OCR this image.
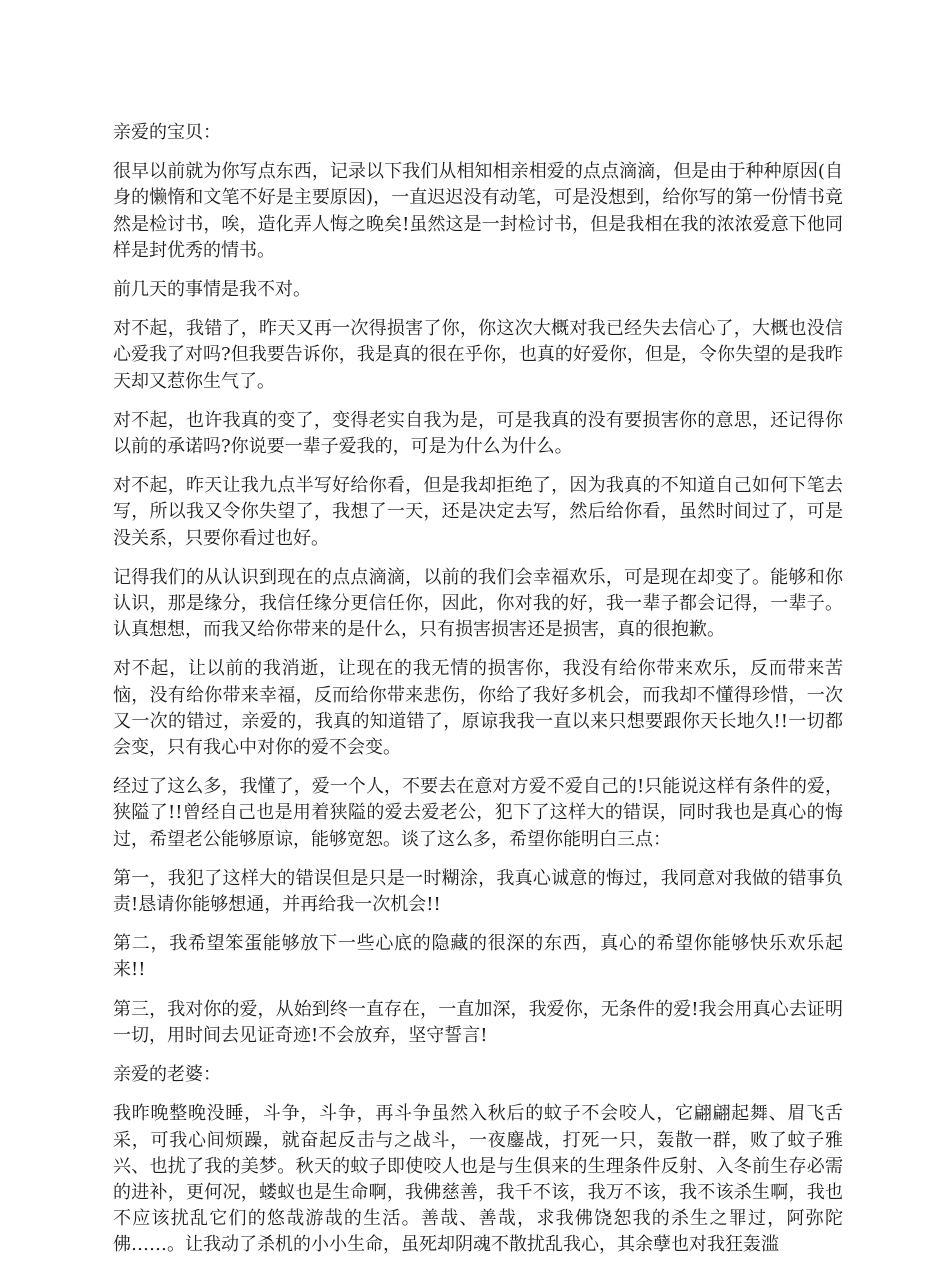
亲爱的宝贝：

很早以前就为你写点东西，记录以下我们从相知相亲相爱的点点滴滴，但是由于种种原因(自身的懒惰和文笔不好是主要原因)，一直迟迟没有动笔，可是没想到，给你写的第一份情书竟然是检讨书，唉，造化弄人悔之晚矣!虽然这是一封检讨书，但是我相在我的浓浓爱意下他同样是封优秀的情书。

前几天的事情是我不对。

对不起，我错了，昨天又再一次得损害了你，你这次大概对我已经失去信心了，大概也没信心爱我了对吗?但我要告诉你，我是真的很在乎你，也真的好爱你，但是，令你失望的是我昨天却又惹你生气了。

对不起，也许我真的变了，变得老实自我为是，可是我真的没有要损害你的意思，还记得你以前的承诺吗?你说要一辈子爱我的，可是为什么为什么。

对不起，昨天让我九点半写好给你看，但是我却拒绝了，因为我真的不知道自己如何下笔去写，所以我又令你失望了，我想了一天，还是决定去写，然后给你看，虽然时间过了，可是没关系，只要你看过也好。

记得我们的从认识到现在的点点滴滴，以前的我们会幸福欢乐，可是现在却变了。能够和你认识，那是缘分，我信任缘分更信任你，因此，你对我的好，我一辈子都会记得，一辈子。认真想想，而我又给你带来的是什么，只有损害损害还是损害，真的很抱歉。

对不起，让以前的我消逝，让现在的我无情的损害你，我没有给你带来欢乐，反而带来苦恼，没有给你带来幸福，反而给你带来悲伤，你给了我好多机会，而我却不懂得珍惜，一次又一次的错过，亲爱的，我真的知道错了，原谅我我一直以来只想要跟你天长地久!!一切都会变，只有我心中对你的爱不会变。

经过了这么多，我懂了，爱一个人，不要去在意对方爱不爱自己的!只能说这样有条件的爱，狭隘了!!曾经自己也是用着狭隘的爱去爱老公，犯下了这样大的错误，同时我也是真心的悔过，希望老公能够原谅，能够宽恕。谈了这么多，希望你能明白三点：

第一，我犯了这样大的错误但是只是一时糊涂，我真心诚意的悔过，我同意对我做的错事负责!恳请你能够想通，并再给我一次机会!!

第二，我希望笨蛋能够放下一些心底的隐藏的很深的东西，真心的希望你能够快乐欢乐起来!!

第三，我对你的爱，从始到终一直存在，一直加深，我爱你，无条件的爱!我会用真心去证明一切，用时间去见证奇迹!不会放弃，坚守誓言!

亲爱的老婆：

我昨晚整晚没睡，斗争，斗争，再斗争虽然入秋后的蚊子不会咬人，它翩翩起舞、眉飞舌采，可我心间烦躁，就奋起反击与之战斗，一夜鏖战，打死一只，轰散一群，败了蚊子雅兴、也扰了我的美梦。秋天的蚊子即使咬人也是与生俱来的生理条件反射、入冬前生存必需的进补，更何况，蝼蚁也是生命啊，我佛慈善，我千不该，我万不该，我不该杀生啊，我也不应该扰乱它们的悠哉游哉的生活。善哉、善哉，求我佛饶恕我的杀生之罪过，阿弥陀佛……。让我动了杀机的小小生命，虽死却阴魂不散扰乱我心，其余孽也对我狂轰滥
